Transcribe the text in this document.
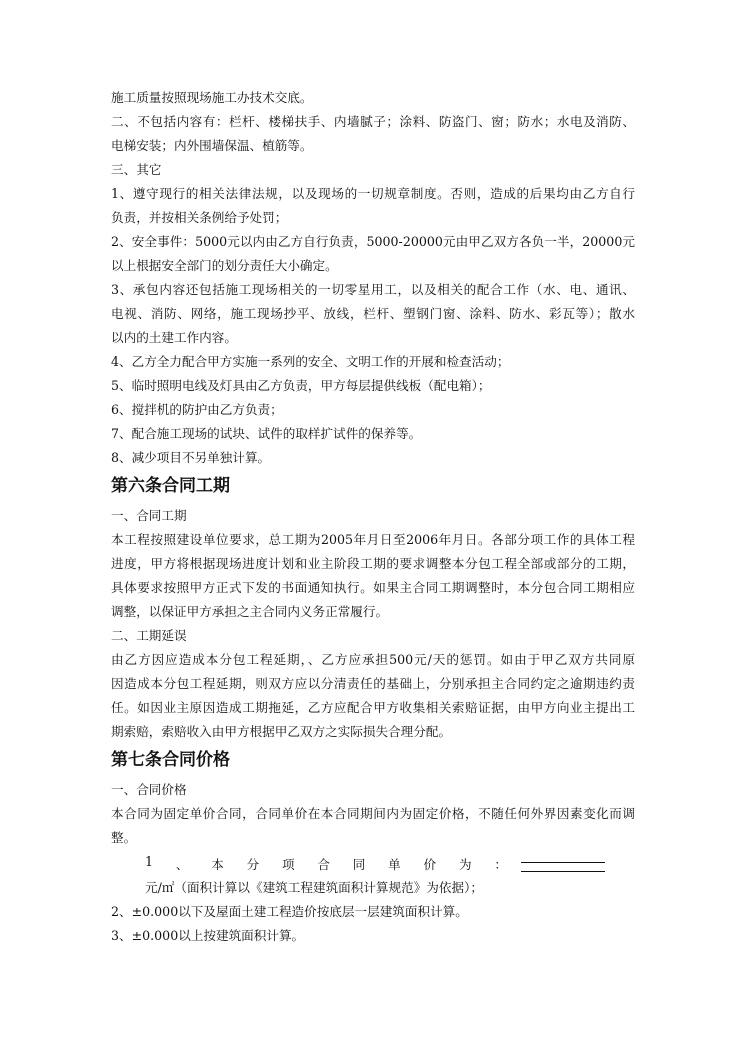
施工质量按照现场施工办技术交底。
二、不包括内容有：栏杆、楼梯扶手、内墙腻子；涂料、防盗门、窗；防水；水电及消防、
电梯安装；内外围墙保温、植筋等。
三、其它
1、遵守现行的相关法律法规，以及现场的一切规章制度。否则，造成的后果均由乙方自行
负责，并按相关条例给予处罚；
2、安全事件：5000元以内由乙方自行负责，5000-20000元由甲乙双方各负一半，20000元
以上根据安全部门的划分责任大小确定。
3、承包内容还包括施工现场相关的一切零星用工，以及相关的配合工作（水、电、通讯、
电视、消防、网络，施工现场抄平、放线，栏杆、塑钢门窗、涂料、防水、彩瓦等）；散水
以内的土建工作内容。
4、乙方全力配合甲方实施一系列的安全、文明工作的开展和检查活动；
5、临时照明电线及灯具由乙方负责，甲方每层提供线板（配电箱）；
6、搅拌机的防护由乙方负责；
7、配合施工现场的试块、试件的取样扩试件的保养等。
8、减少项目不另单独计算。
第六条合同工期
一、合同工期
本工程按照建设单位要求，总工期为2005年月日至2006年月日。各部分项工作的具体工程
进度，甲方将根据现场进度计划和业主阶段工期的要求调整本分包工程全部或部分的工期，
具体要求按照甲方正式下发的书面通知执行。如果主合同工期调整时，本分包合同工期相应
调整，以保证甲方承担之主合同内义务正常履行。
二、工期延误
由乙方因应造成本分包工程延期，、乙方应承担500元/天的惩罚。如由于甲乙双方共同原
因造成本分包工程延期，则双方应以分清责任的基础上，分别承担主合同约定之逾期违约责
任。如因业主原因造成工期拖延，乙方应配合甲方收集相关索赔证据，由甲方向业主提出工
期索赔，索赔收入由甲方根据甲乙双方之实际损失合理分配。
第七条合同价格
一、合同价格
本合同为固定单价合同，合同单价在本合同期间内为固定价格，不随任何外界因素变化而调
整。
1 、 本 分 项 合 同 单 价 为 ：
元/㎡（面积计算以《建筑工程建筑面积计算规范》为依据）；
2、±0.000以下及屋面土建工程造价按底层一层建筑面积计算。
3、±0.000以上按建筑面积计算。
